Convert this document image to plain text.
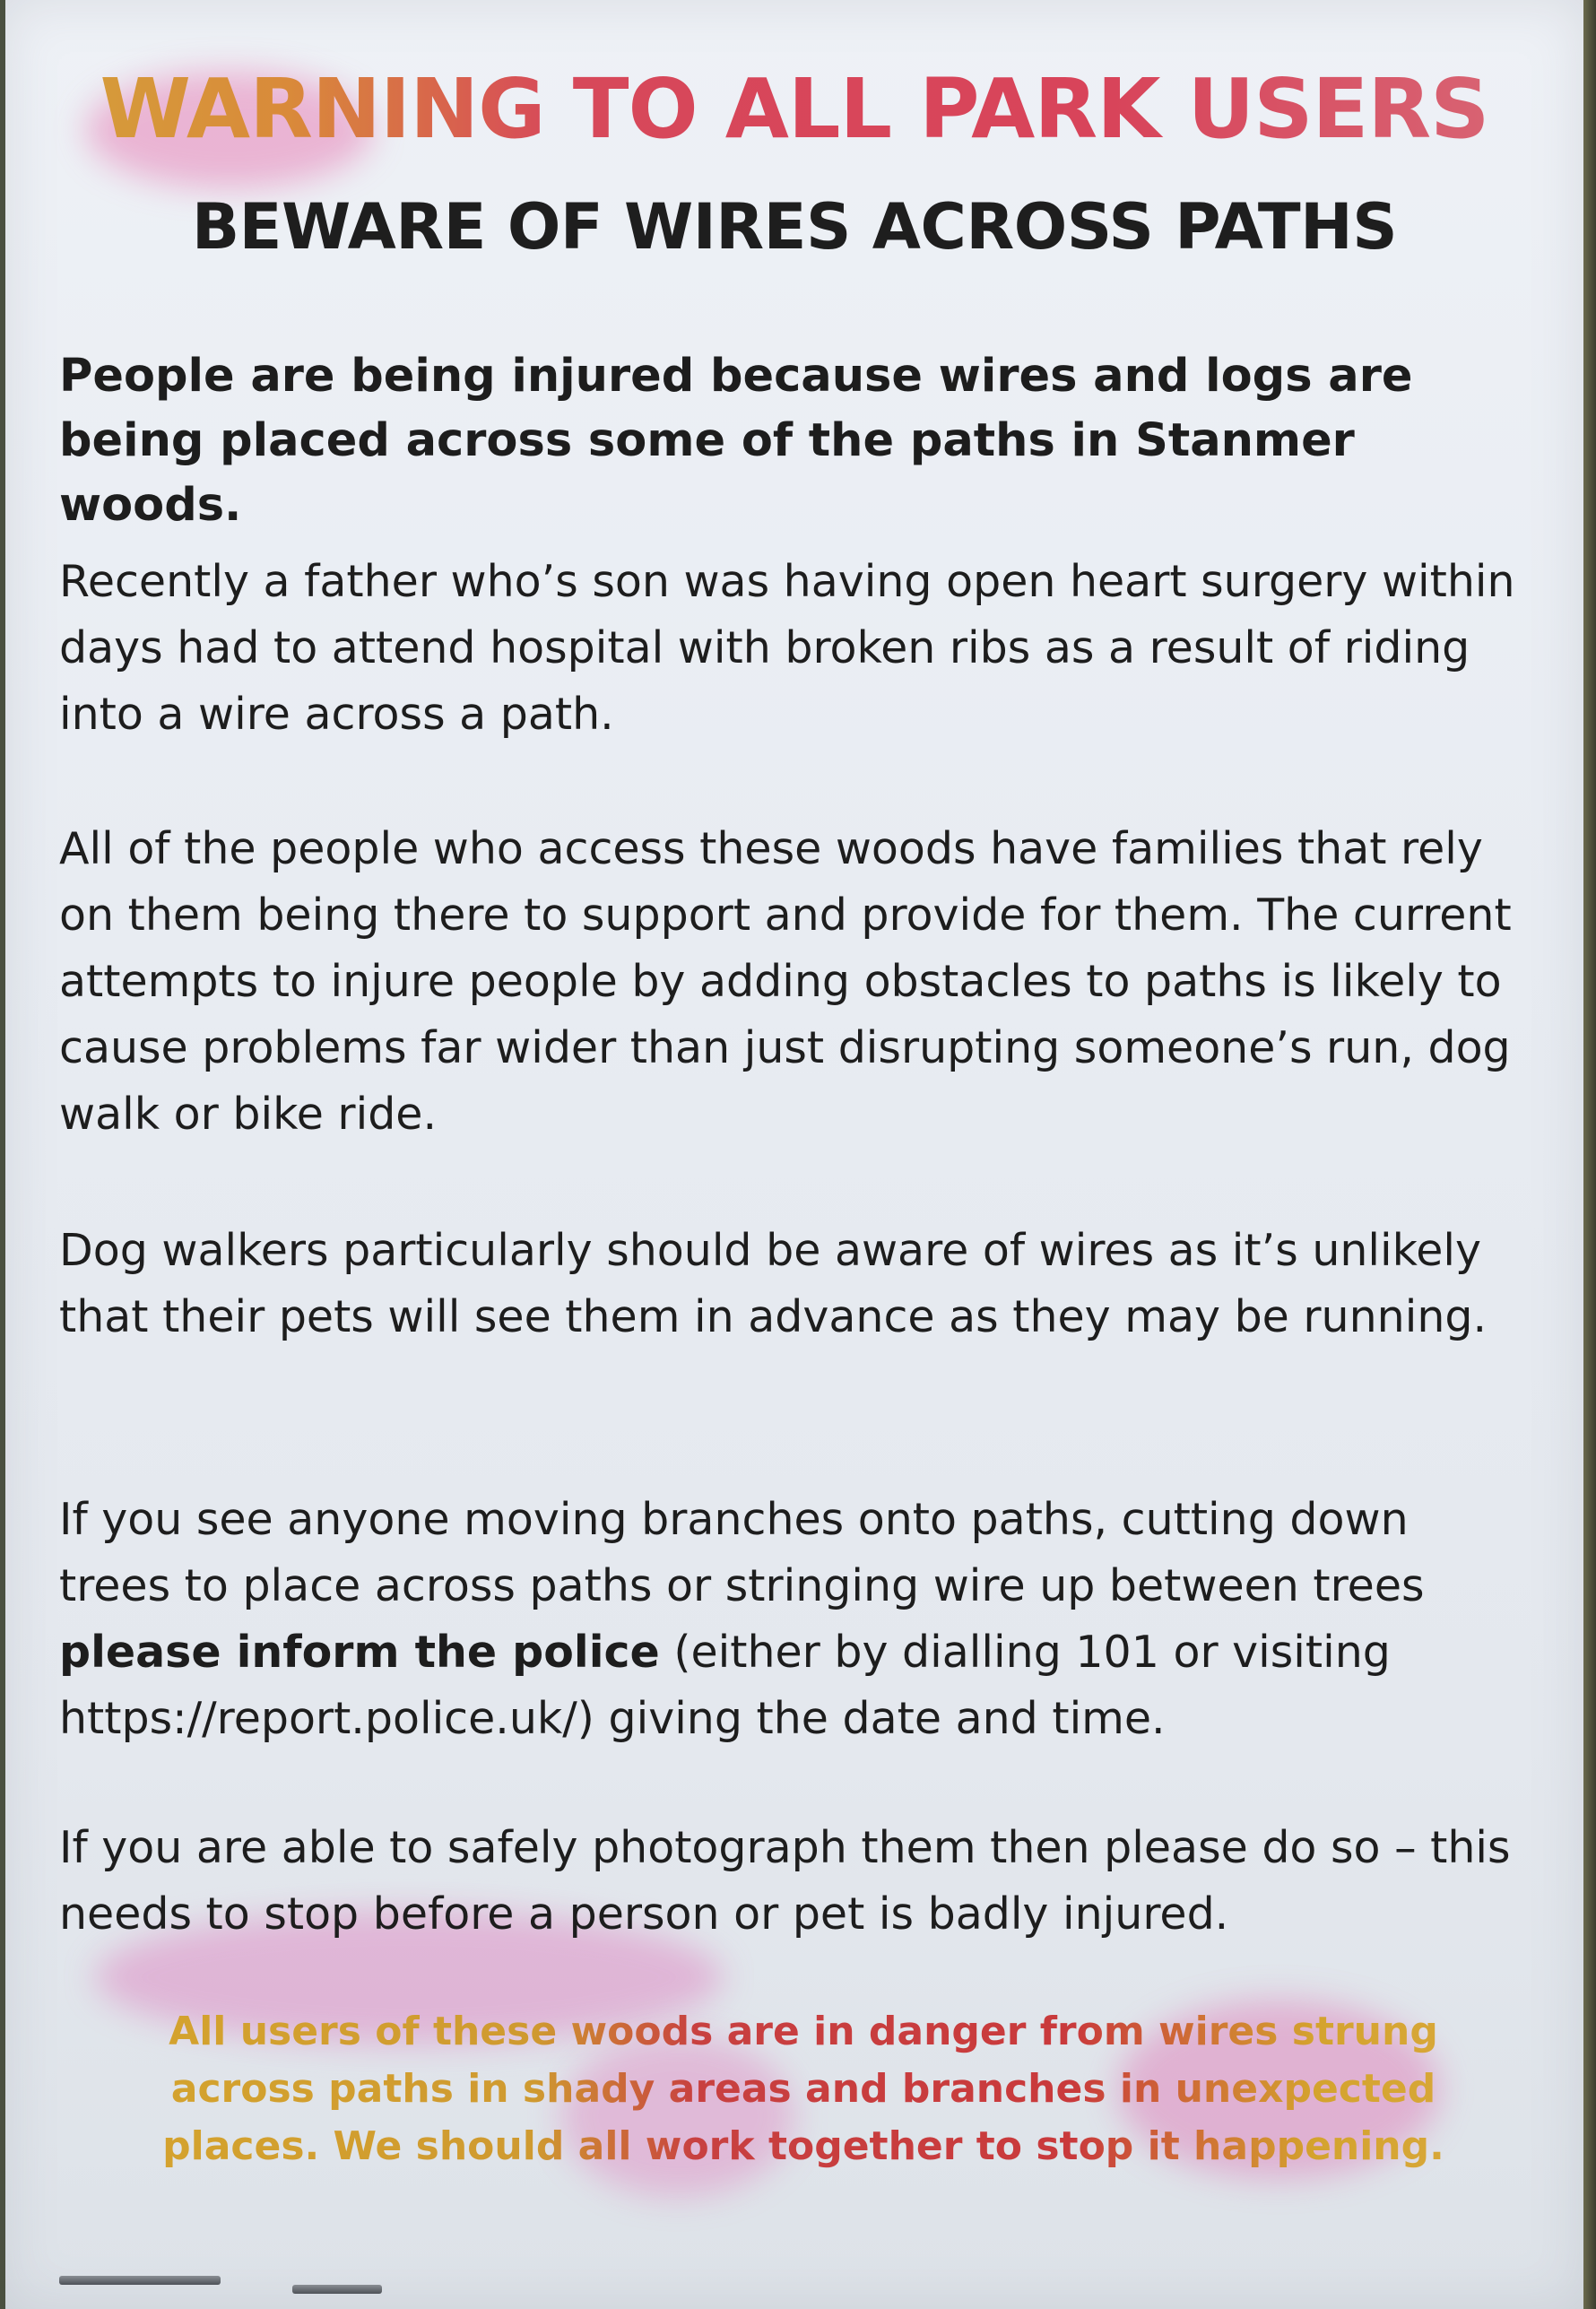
WARNING TO ALL PARK USERS
BEWARE OF WIRES ACROSS PATHS

People are being injured because wires and logs are being placed across some of the paths in Stanmer woods.

Recently a father who’s son was having open heart surgery within days had to attend hospital with broken ribs as a result of riding into a wire across a path.

All of the people who access these woods have families that rely on them being there to support and provide for them. The current attempts to injure people by adding obstacles to paths is likely to cause problems far wider than just disrupting someone’s run, dog walk or bike ride.

Dog walkers particularly should be aware of wires as it’s unlikely that their pets will see them in advance as they may be running.

If you see anyone moving branches onto paths, cutting down trees to place across paths or stringing wire up between trees please inform the police (either by dialling 101 or visiting https://report.police.uk/) giving the date and time.

If you are able to safely photograph them then please do so – this needs to stop before a person or pet is badly injured.

All users of these woods are in danger from wires strung across paths in shady areas and branches in unexpected places. We should all work together to stop it happening.
